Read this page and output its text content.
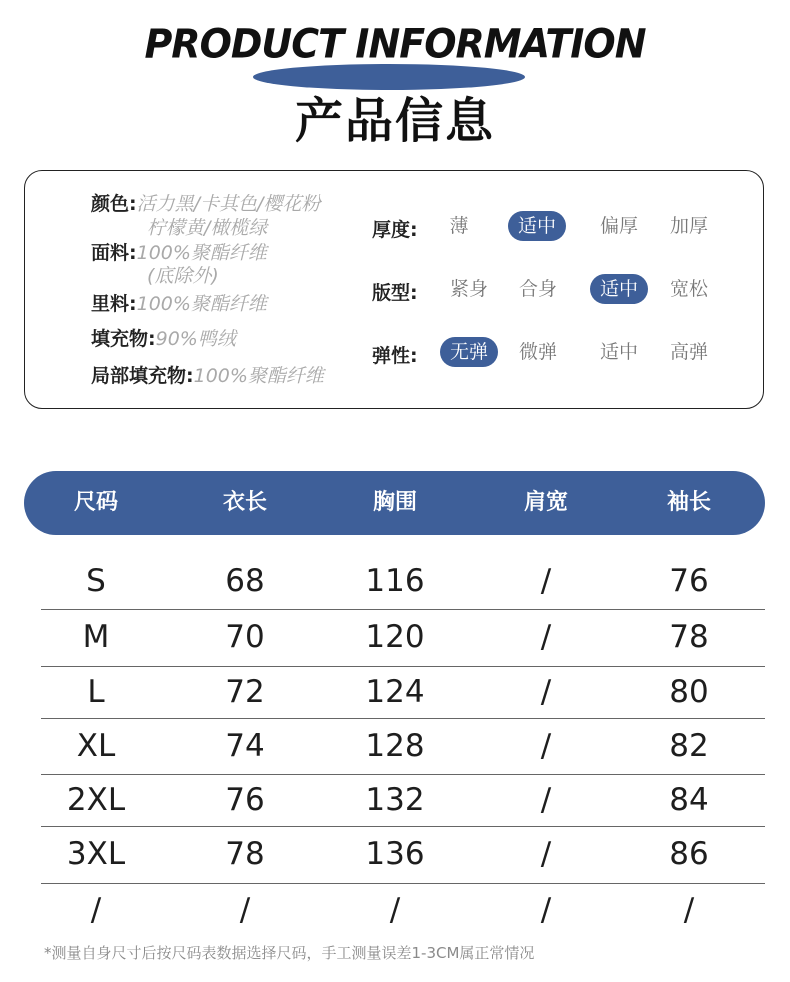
PRODUCT INFORMATION
产品信息
颜色:活力黑/卡其色/樱花粉
柠檬黄/橄榄绿
面料:100%聚酯纤维
(底除外)
里料:100%聚酯纤维
填充物:90%鸭绒
局部填充物:100%聚酯纤维
厚度:	薄	适中	偏厚	加厚
版型:	紧身	合身	适中	宽松
弹性:	无弹	微弹	适中	高弹
尺码	衣长	胸围	肩宽	袖长
S	68	116	/	76
M	70	120	/	78
L	72	124	/	80
XL	74	128	/	82
2XL	76	132	/	84
3XL	78	136	/	86
/	/	/	/	/
*测量自身尺寸后按尺码表数据选择尺码，手工测量误差1-3CM属正常情况
